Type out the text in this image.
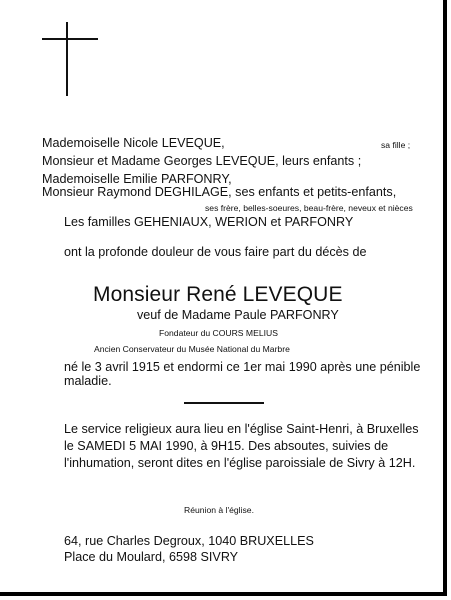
Mademoiselle Nicole LEVEQUE,	sa fille ;
Monsieur et Madame Georges LEVEQUE, leurs enfants ;
Mademoiselle Emilie PARFONRY,
Monsieur Raymond DEGHILAGE, ses enfants et petits-enfants,
ses frère, belles-soeures, beau-frère, neveux et nièces
Les familles GEHENIAUX, WERION et PARFONRY
ont la profonde douleur de vous faire part du décès de
Monsieur René LEVEQUE
veuf de Madame Paule PARFONRY
Fondateur du COURS MELIUS
Ancien Conservateur du Musée National du Marbre
né le 3 avril 1915 et endormi ce 1er mai 1990 après une pénible
maladie.
Le service religieux aura lieu en l'église Saint-Henri, à Bruxelles
le SAMEDI 5 MAI 1990, à 9H15. Des absoutes, suivies de
l'inhumation, seront dites en l'église paroissiale de Sivry à 12H.
Réunion à l'église.
64, rue Charles Degroux, 1040 BRUXELLES
Place du Moulard, 6598 SIVRY
